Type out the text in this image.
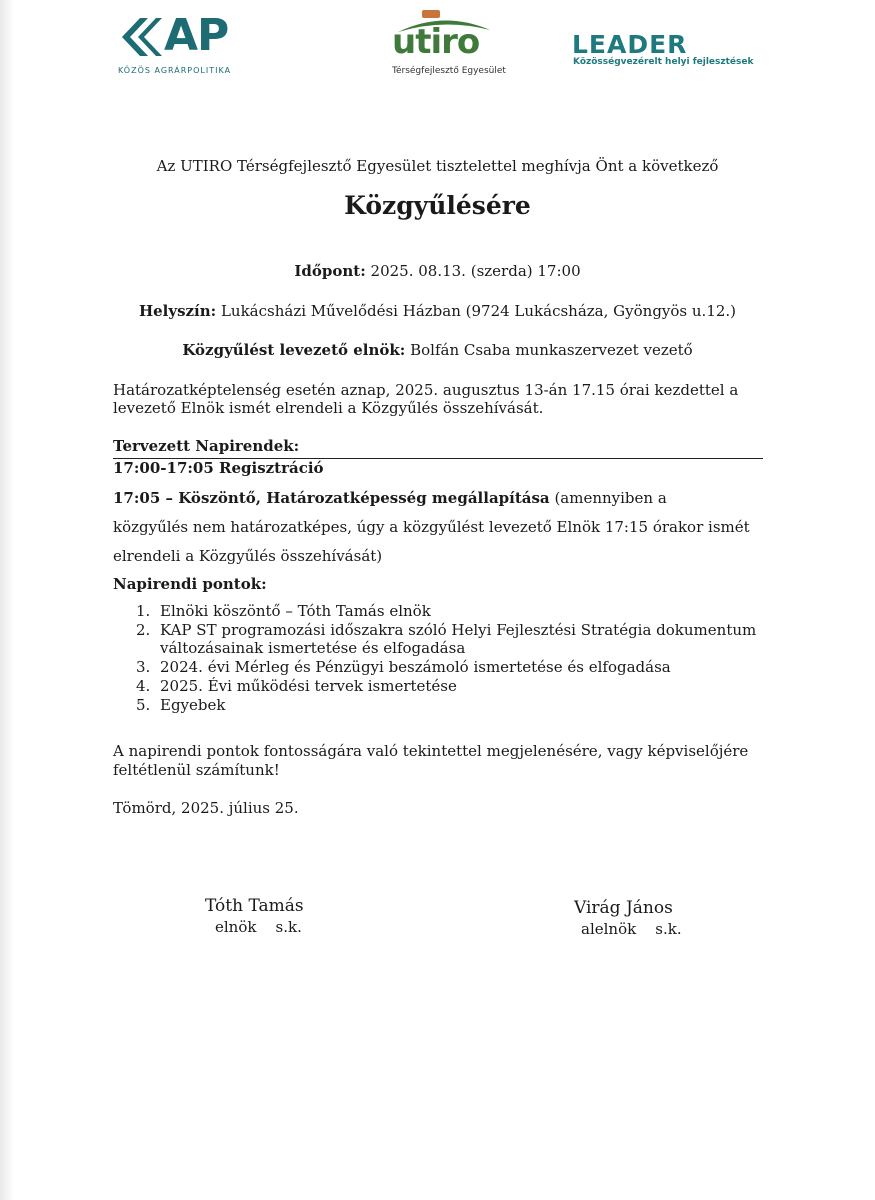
AP
KÖZÖS AGRÁRPOLITIKA
utiro
Térségfejlesztő Egyesület
LEADER
Közösségvezérelt helyi fejlesztések
Az UTIRO Térségfejlesztő Egyesület tisztelettel meghívja Önt a következő
Közgyűlésére
Időpont: 2025. 08.13. (szerda) 17:00
Helyszín: Lukácsházi Művelődési Házban (9724 Lukácsháza, Gyöngyös u.12.)
Közgyűlést levezető elnök: Bolfán Csaba munkaszervezet vezető
Határozatképtelenség esetén aznap, 2025. augusztus 13-án 17.15 órai kezdettel a
levezető Elnök ismét elrendeli a Közgyűlés összehívását.
Tervezett Napirendek:
17:00-17:05 Regisztráció
17:05 – Köszöntő, Határozatképesség megállapítása (amennyiben a
közgyűlés nem határozatképes, úgy a közgyűlést levezető Elnök 17:15 órakor ismét
elrendeli a Közgyűlés összehívását)
Napirendi pontok:
1. Elnöki köszöntő – Tóth Tamás elnök
2. KAP ST programozási időszakra szóló Helyi Fejlesztési Stratégia dokumentum
változásainak ismertetése és elfogadása
3. 2024. évi Mérleg és Pénzügyi beszámoló ismertetése és elfogadása
4. 2025. Évi működési tervek ismertetése
5. Egyebek
A napirendi pontok fontosságára való tekintettel megjelenésére, vagy képviselőjére
feltétlenül számítunk!
Tömörd, 2025. július 25.
Tóth Tamás
elnök s.k.
Virág János
alelnök s.k.
